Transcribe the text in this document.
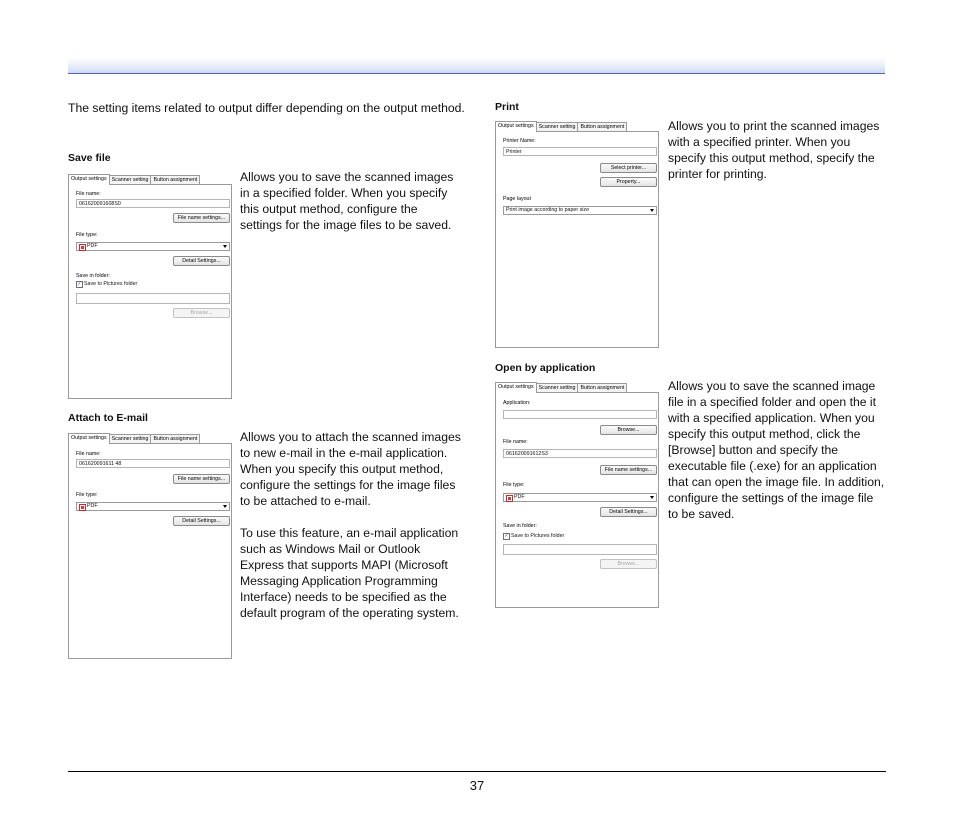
The setting items related to output differ depending on the output method.

Save file

Output settings Scanner setting Button assignment
File name:
061620091608S0
File name settings...
File type:
PDF
Detail Settings...
Save in folder:
✓ Save to Pictures folder
Browse...

Allows you to save the scanned images in a specified folder. When you specify this output method, configure the settings for the image files to be saved.

Attach to E-mail

Output settings Scanner setting Button assignment
File name:
061620091611 48
File name settings...
File type:
PDF
Detail Settings...

Allows you to attach the scanned images to new e-mail in the e-mail application. When you specify this output method, configure the settings for the image files to be attached to e-mail.

To use this feature, an e-mail application such as Windows Mail or Outlook Express that supports MAPI (Microsoft Messaging Application Programming Interface) needs to be specified as the default program of the operating system.

Print

Output settings Scanner setting Button assignment
Printer Name:
Printer
Select printer...
Property...
Page layout
Print image according to paper size

Allows you to print the scanned images with a specified printer. When you specify this output method, specify the printer for printing.

Open by application

Output settings Scanner setting Button assignment
Application:
Browse...
File name:
061620091612S3
File name settings...
File type:
PDF
Detail Settings...
Save in folder:
✓ Save to Pictures folder
Browse...

Allows you to save the scanned image file in a specified folder and open the it with a specified application. When you specify this output method, click the [Browse] button and specify the executable file (.exe) for an application that can open the image file. In addition, configure the settings of the image file to be saved.

37
